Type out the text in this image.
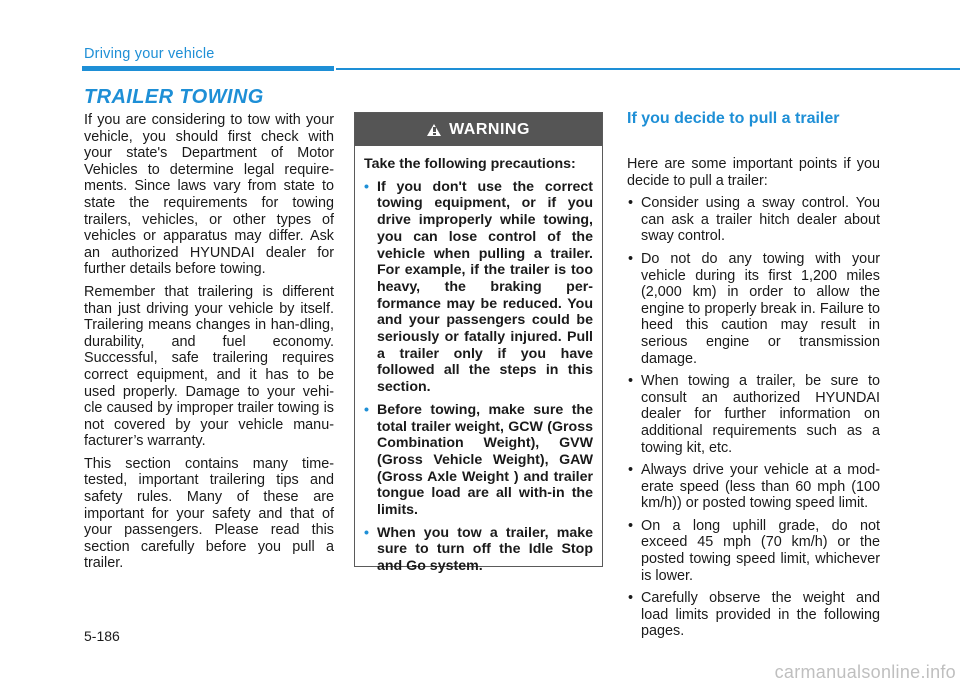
Driving your vehicle
TRAILER TOWING

If you are considering to tow with your vehicle, you should first check with your state's Department of Motor Vehicles to determine legal require-ments. Since laws vary from state to state the requirements for towing trailers, vehicles, or other types of vehicles or apparatus may differ. Ask an authorized HYUNDAI dealer for further details before towing.

Remember that trailering is different than just driving your vehicle by itself. Trailering means changes in han-dling, durability, and fuel economy. Successful, safe trailering requires correct equipment, and it has to be used properly. Damage to your vehi-cle caused by improper trailer towing is not covered by your vehicle manu-facturer’s warranty.

This section contains many time-tested, important trailering tips and safety rules. Many of these are important for your safety and that of your passengers. Please read this section carefully before you pull a trailer.

WARNING

Take the following precautions:

• If you don't use the correct towing equipment, or if you drive improperly while towing, you can lose control of the vehicle when pulling a trailer. For example, if the trailer is too heavy, the braking per-formance may be reduced. You and your passengers could be seriously or fatally injured. Pull a trailer only if you have followed all the steps in this section.
• Before towing, make sure the total trailer weight, GCW (Gross Combination Weight), GVW (Gross Vehicle Weight), GAW (Gross Axle Weight ) and trailer tongue load are all with-in the limits.
• When you tow a trailer, make sure to turn off the Idle Stop and Go system.
If you decide to pull a trailer

Here are some important points if you decide to pull a trailer:

• Consider using a sway control. You can ask a trailer hitch dealer about sway control.
• Do not do any towing with your vehicle during its first 1,200 miles (2,000 km) in order to allow the engine to properly break in. Failure to heed this caution may result in serious engine or transmission damage.
• When towing a trailer, be sure to consult an authorized HYUNDAI dealer for further information on additional requirements such as a towing kit, etc.
• Always drive your vehicle at a mod-erate speed (less than 60 mph (100 km/h)) or posted towing speed limit.
• On a long uphill grade, do not exceed 45 mph (70 km/h) or the posted towing speed limit, whichever is lower.
• Carefully observe the weight and load limits provided in the following pages.
5-186
carmanualsonline.info
